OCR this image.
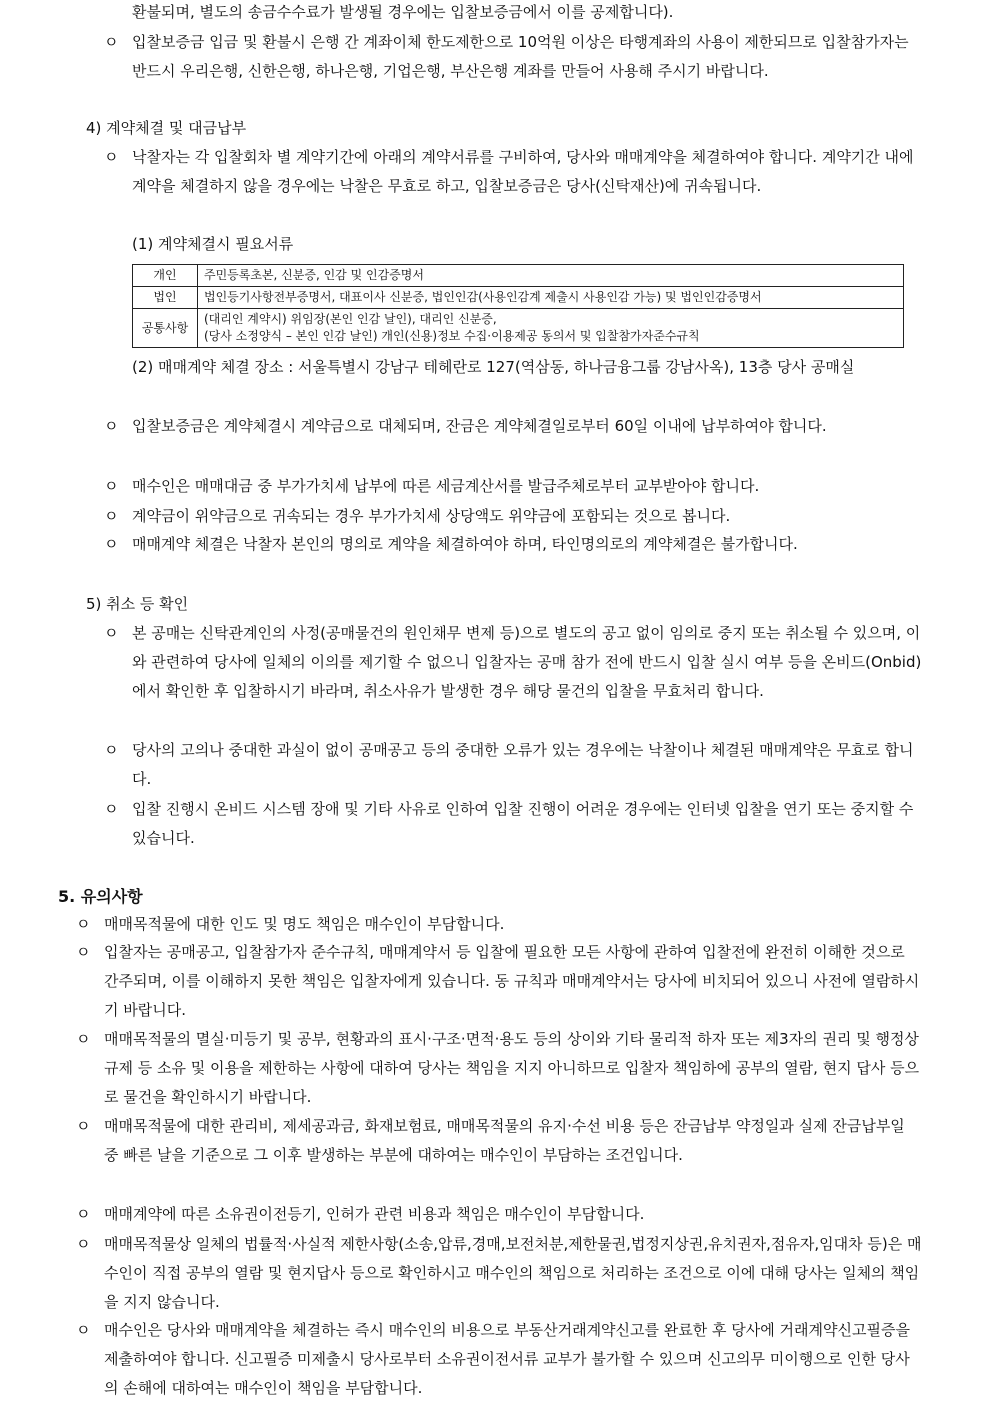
환불되며, 별도의 송금수수료가 발생될 경우에는 입찰보증금에서 이를 공제합니다).
ㅇ 입찰보증금 입금 및 환불시 은행 간 계좌이체 한도제한으로 10억원 이상은 타행계좌의 사용이 제한되므로 입찰참가자는 반드시 우리은행, 신한은행, 하나은행, 기업은행, 부산은행 계좌를 만들어 사용해 주시기 바랍니다.
4) 계약체결 및 대금납부
ㅇ 낙찰자는 각 입찰회차 별 계약기간에 아래의 계약서류를 구비하여, 당사와 매매계약을 체결하여야 합니다. 계약기간 내에 계약을 체결하지 않을 경우에는 낙찰은 무효로 하고, 입찰보증금은 당사(신탁재산)에 귀속됩니다.
(1) 계약체결시 필요서류
개인	주민등록초본, 신분증, 인감 및 인감증명서
법인	법인등기사항전부증명서, 대표이사 신분증, 법인인감(사용인감계 제출시 사용인감 가능) 및 법인인감증명서
공통사항	(대리인 계약시) 위임장(본인 인감 날인), 대리인 신분증,
(당사 소정양식 – 본인 인감 날인) 개인(신용)정보 수집·이용제공 동의서 및 입찰참가자준수규칙
(2) 매매계약 체결 장소 : 서울특별시 강남구 테헤란로 127(역삼동, 하나금융그룹 강남사옥), 13층 당사 공매실
ㅇ 입찰보증금은 계약체결시 계약금으로 대체되며, 잔금은 계약체결일로부터 60일 이내에 납부하여야 합니다.
ㅇ 매수인은 매매대금 중 부가가치세 납부에 따른 세금계산서를 발급주체로부터 교부받아야 합니다.
ㅇ 계약금이 위약금으로 귀속되는 경우 부가가치세 상당액도 위약금에 포함되는 것으로 봅니다.
ㅇ 매매계약 체결은 낙찰자 본인의 명의로 계약을 체결하여야 하며, 타인명의로의 계약체결은 불가합니다.
5) 취소 등 확인
ㅇ 본 공매는 신탁관계인의 사정(공매물건의 원인채무 변제 등)으로 별도의 공고 없이 임의로 중지 또는 취소될 수 있으며, 이와 관련하여 당사에 일체의 이의를 제기할 수 없으니 입찰자는 공매 참가 전에 반드시 입찰 실시 여부 등을 온비드(Onbid)에서 확인한 후 입찰하시기 바라며, 취소사유가 발생한 경우 해당 물건의 입찰을 무효처리 합니다.
ㅇ 당사의 고의나 중대한 과실이 없이 공매공고 등의 중대한 오류가 있는 경우에는 낙찰이나 체결된 매매계약은 무효로 합니다.
ㅇ 입찰 진행시 온비드 시스템 장애 및 기타 사유로 인하여 입찰 진행이 어려운 경우에는 인터넷 입찰을 연기 또는 중지할 수 있습니다.
5. 유의사항
ㅇ 매매목적물에 대한 인도 및 명도 책임은 매수인이 부담합니다.
ㅇ 입찰자는 공매공고, 입찰참가자 준수규칙, 매매계약서 등 입찰에 필요한 모든 사항에 관하여 입찰전에 완전히 이해한 것으로 간주되며, 이를 이해하지 못한 책임은 입찰자에게 있습니다. 동 규칙과 매매계약서는 당사에 비치되어 있으니 사전에 열람하시기 바랍니다.
ㅇ 매매목적물의 멸실·미등기 및 공부, 현황과의 표시·구조·면적·용도 등의 상이와 기타 물리적 하자 또는 제3자의 권리 및 행정상 규제 등 소유 및 이용을 제한하는 사항에 대하여 당사는 책임을 지지 아니하므로 입찰자 책임하에 공부의 열람, 현지 답사 등으로 물건을 확인하시기 바랍니다.
ㅇ 매매목적물에 대한 관리비, 제세공과금, 화재보험료, 매매목적물의 유지·수선 비용 등은 잔금납부 약정일과 실제 잔금납부일 중 빠른 날을 기준으로 그 이후 발생하는 부분에 대하여는 매수인이 부담하는 조건입니다.
ㅇ 매매계약에 따른 소유권이전등기, 인허가 관련 비용과 책임은 매수인이 부담합니다.
ㅇ 매매목적물상 일체의 법률적·사실적 제한사항(소송,압류,경매,보전처분,제한물권,법정지상권,유치권자,점유자,임대차 등)은 매수인이 직접 공부의 열람 및 현지답사 등으로 확인하시고 매수인의 책임으로 처리하는 조건으로 이에 대해 당사는 일체의 책임을 지지 않습니다.
ㅇ 매수인은 당사와 매매계약을 체결하는 즉시 매수인의 비용으로 부동산거래계약신고를 완료한 후 당사에 거래계약신고필증을 제출하여야 합니다. 신고필증 미제출시 당사로부터 소유권이전서류 교부가 불가할 수 있으며 신고의무 미이행으로 인한 당사의 손해에 대하여는 매수인이 책임을 부담합니다.
